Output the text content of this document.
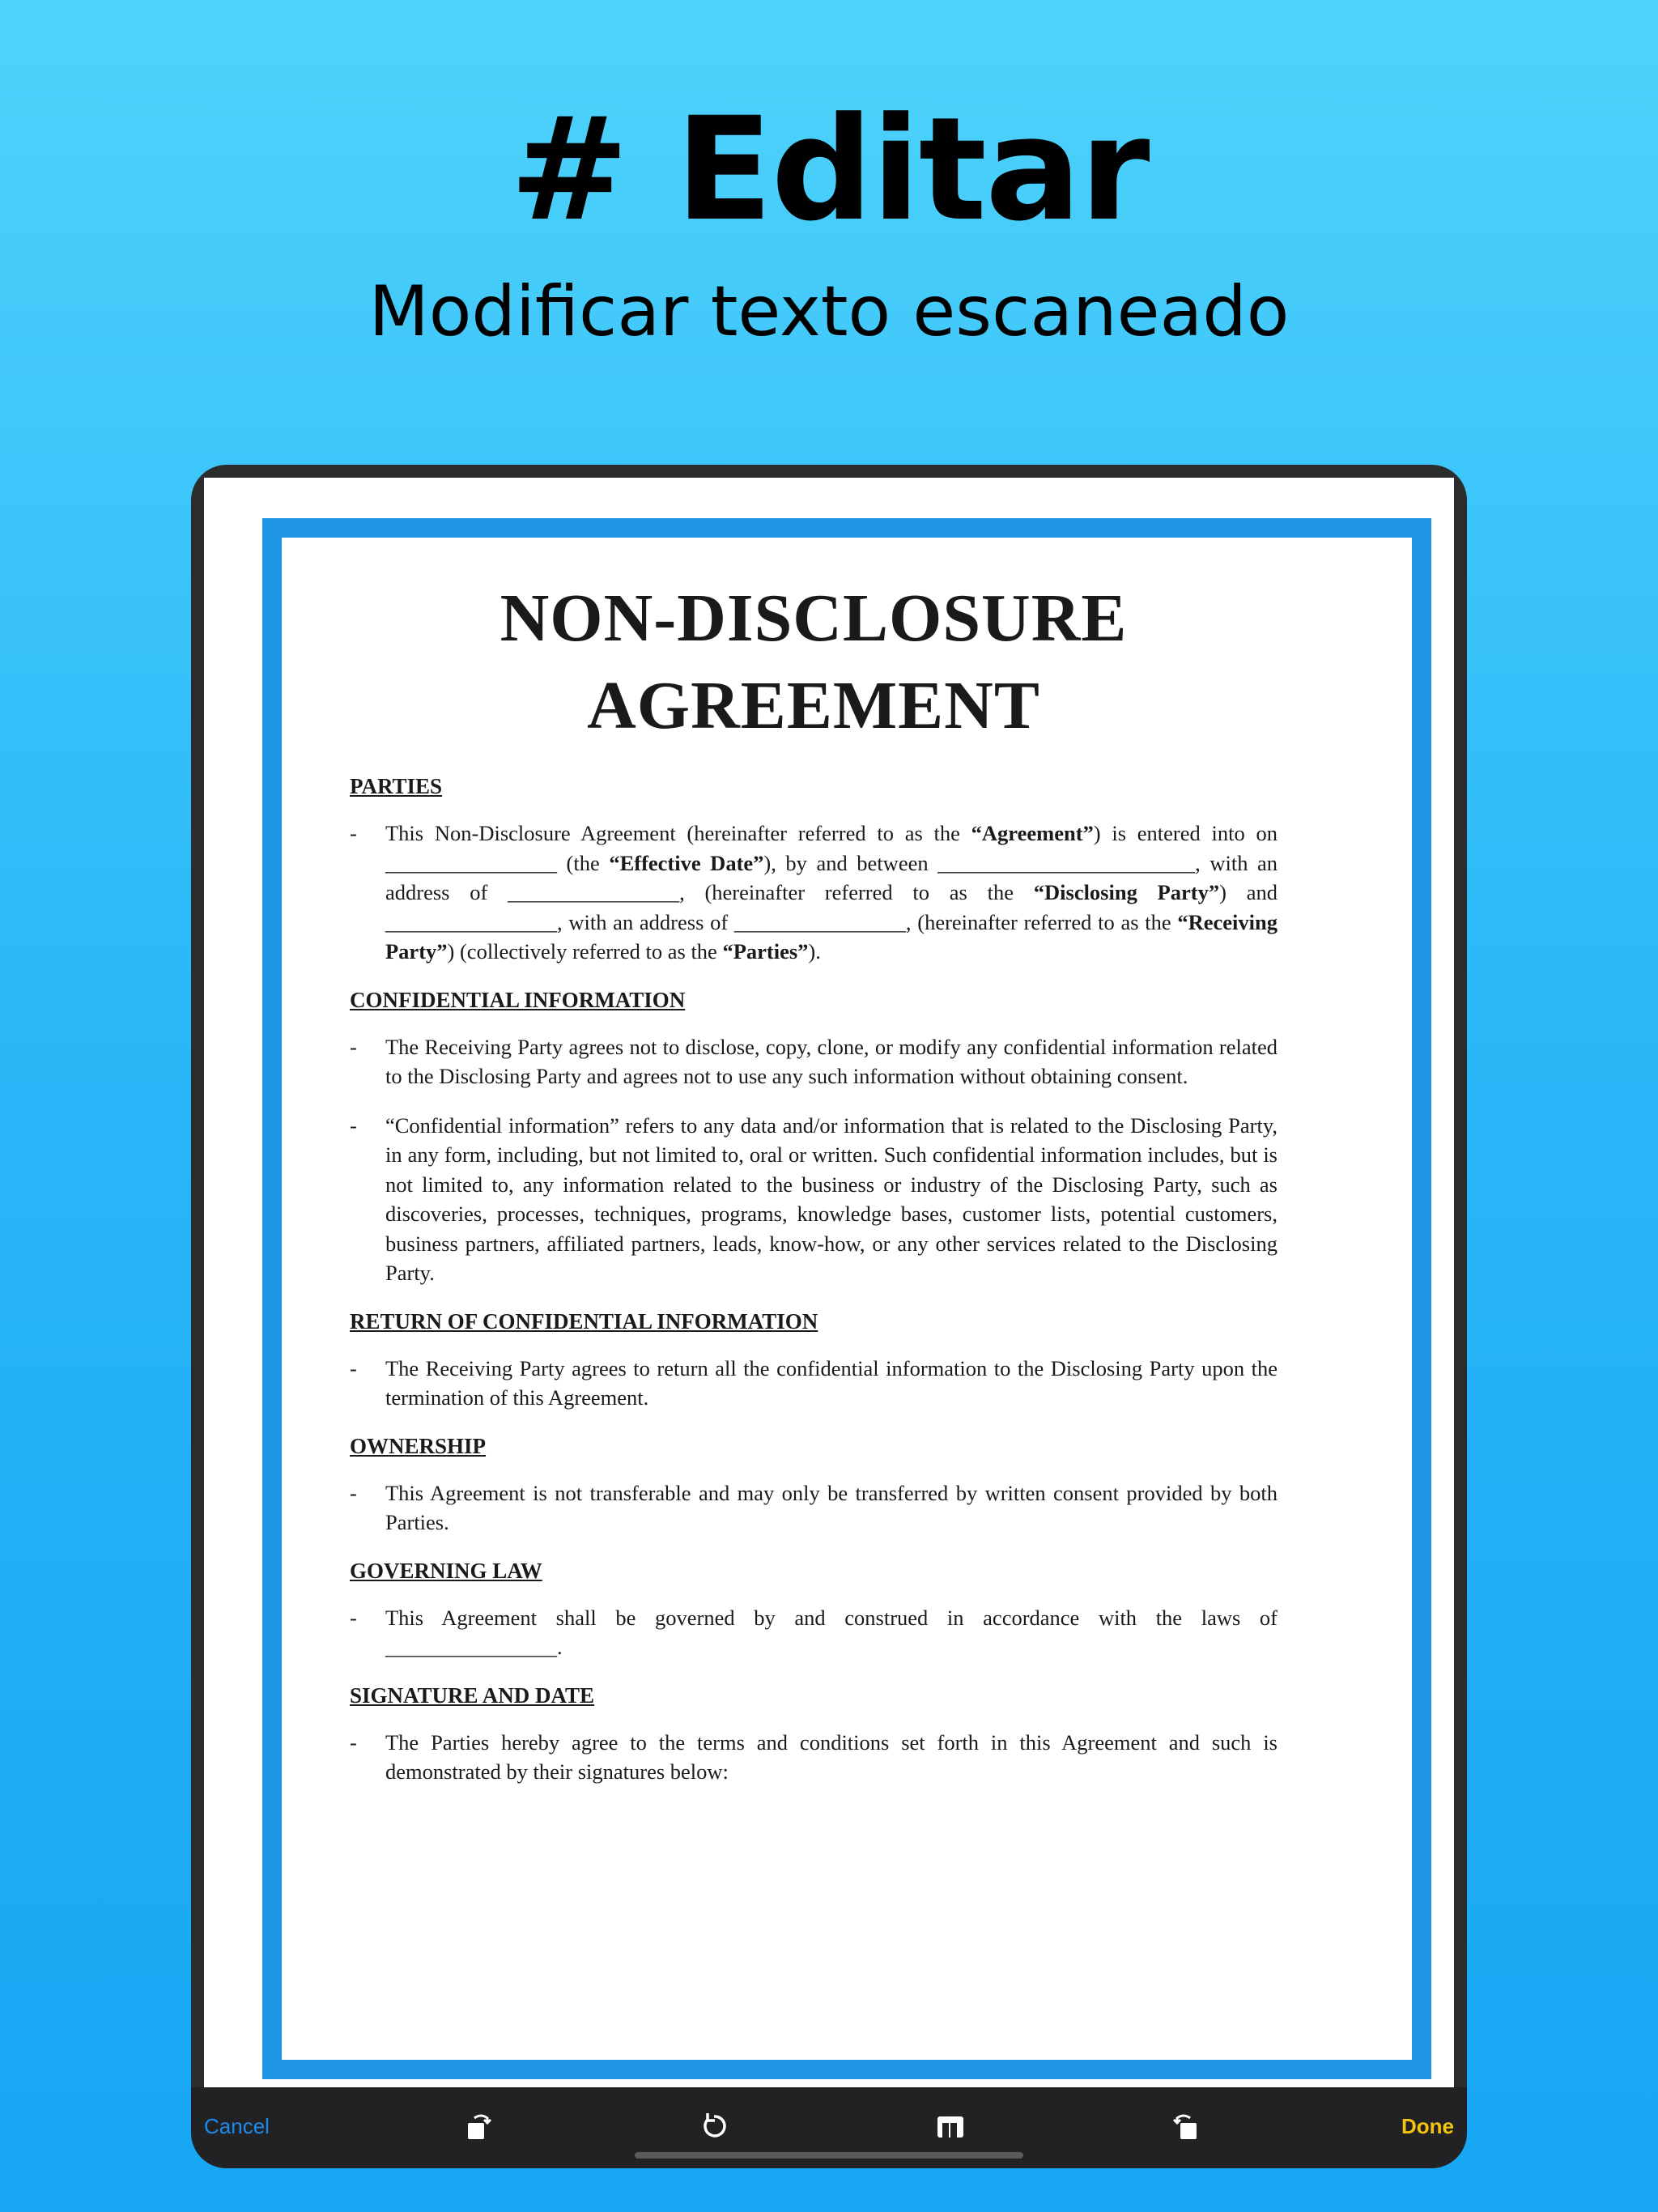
# Editar
Modificar texto escaneado
NON-DISCLOSURE
AGREEMENT
PARTIES
- This Non-Disclosure Agreement (hereinafter referred to as the “Agreement”) is entered into on ________________ (the “Effective Date”), by and between ________________________, with an address of ________________, (hereinafter referred to as the “Disclosing Party”) and ________________, with an address of ________________, (hereinafter referred to as the “Receiving Party”) (collectively referred to as the “Parties”).
CONFIDENTIAL INFORMATION
- The Receiving Party agrees not to disclose, copy, clone, or modify any confidential information related to the Disclosing Party and agrees not to use any such information without obtaining consent.
- “Confidential information” refers to any data and/or information that is related to the Disclosing Party, in any form, including, but not limited to, oral or written. Such confidential information includes, but is not limited to, any information related to the business or industry of the Disclosing Party, such as discoveries, processes, techniques, programs, knowledge bases, customer lists, potential customers, business partners, affiliated partners, leads, know-how, or any other services related to the Disclosing Party.
RETURN OF CONFIDENTIAL INFORMATION
- The Receiving Party agrees to return all the confidential information to the Disclosing Party upon the termination of this Agreement.
OWNERSHIP
- This Agreement is not transferable and may only be transferred by written consent provided by both Parties.
GOVERNING LAW
- This Agreement shall be governed by and construed in accordance with the laws of ________________.
SIGNATURE AND DATE
- The Parties hereby agree to the terms and conditions set forth in this Agreement and such is demonstrated by their signatures below:
Cancel	Done
